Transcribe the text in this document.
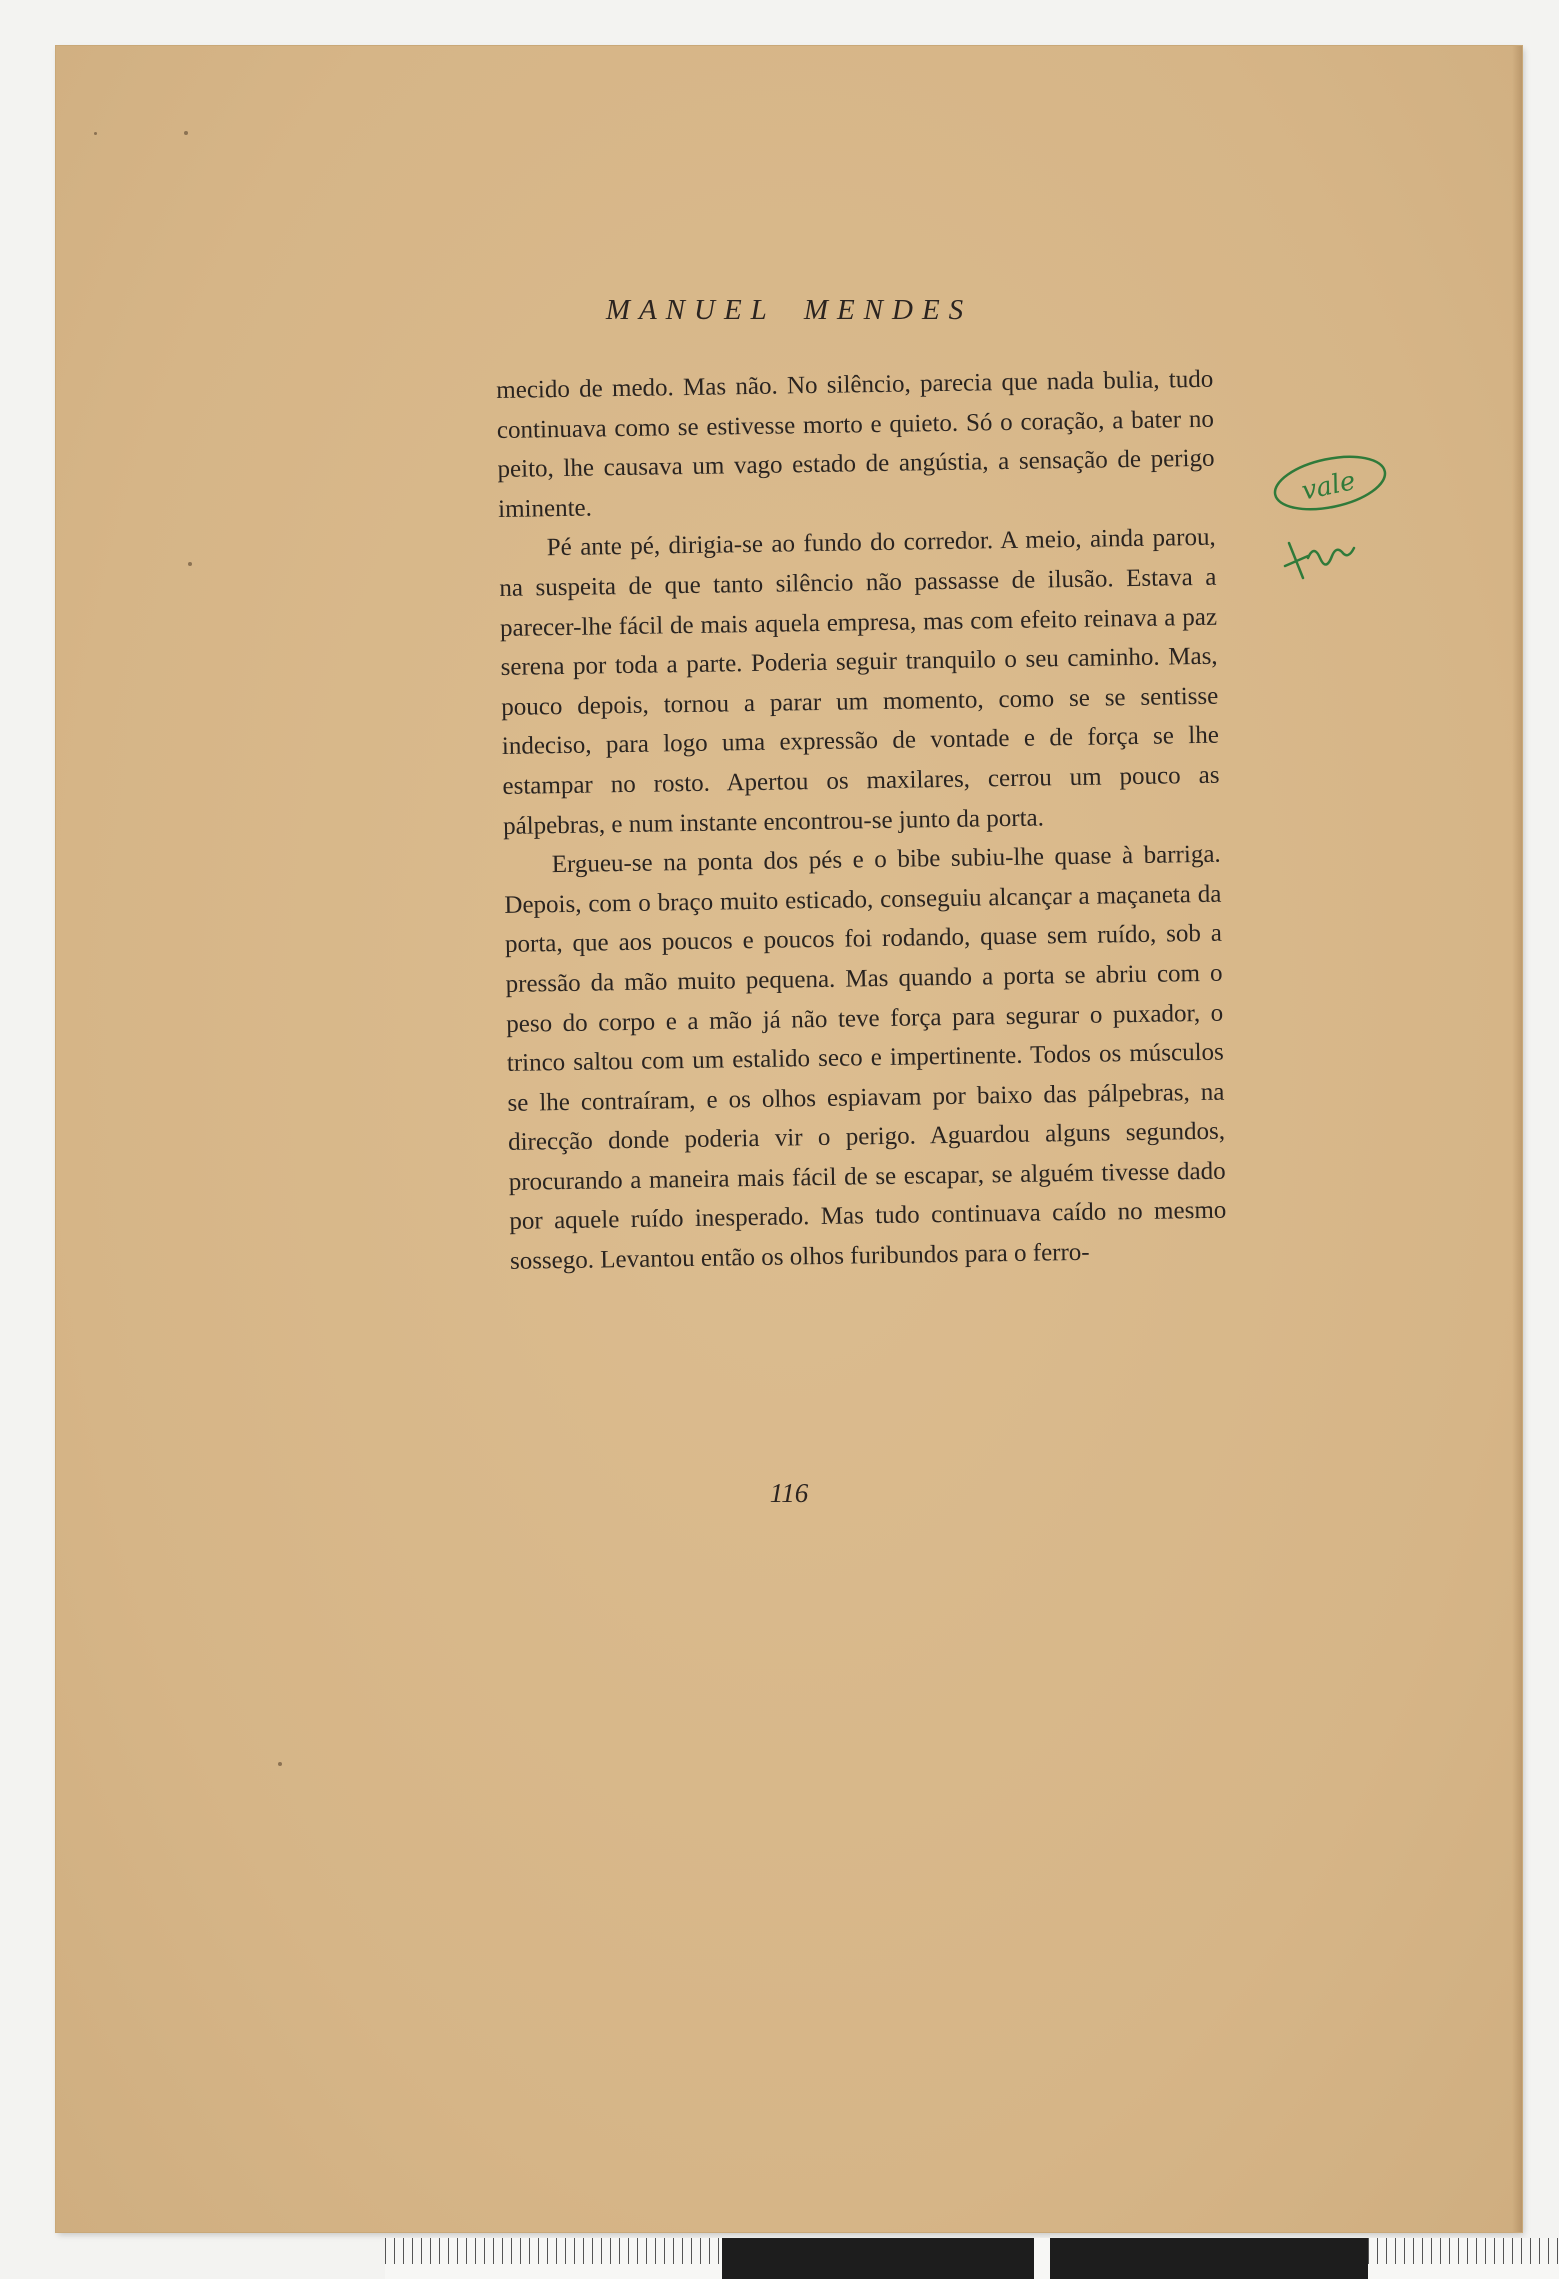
MANUEL MENDES

mecido de medo. Mas não. No silêncio, parecia que nada bulia, tudo continuava como se estivesse morto e quieto. Só o coração, a bater no peito, lhe causava um vago estado de angústia, a sensação de perigo iminente.

Pé ante pé, dirigia-se ao fundo do corredor. A meio, ainda parou, na suspeita de que tanto silêncio não passasse de ilusão. Estava a parecer-lhe fácil de mais aquela empresa, mas com efeito reinava a paz serena por toda a parte. Poderia seguir tranquilo o seu caminho. Mas, pouco depois, tornou a parar um momento, como se se sentisse indeciso, para logo uma expressão de vontade e de força se lhe estampar no rosto. Apertou os maxilares, cerrou um pouco as pálpebras, e num instante encontrou-se junto da porta.

Ergueu-se na ponta dos pés e o bibe subiu-lhe quase à barriga. Depois, com o braço muito esticado, conseguiu alcançar a maçaneta da porta, que aos poucos e poucos foi rodando, quase sem ruído, sob a pressão da mão muito pequena. Mas quando a porta se abriu com o peso do corpo e a mão já não teve força para segurar o puxador, o trinco saltou com um estalido seco e impertinente. Todos os músculos se lhe contraíram, e os olhos espiavam por baixo das pálpebras, na direcção donde poderia vir o perigo. Aguardou alguns segundos, procurando a maneira mais fácil de se escapar, se alguém tivesse dado por aquele ruído inesperado. Mas tudo continuava caído no mesmo sossego. Levantou então os olhos furibundos para o ferro-

116
vale
